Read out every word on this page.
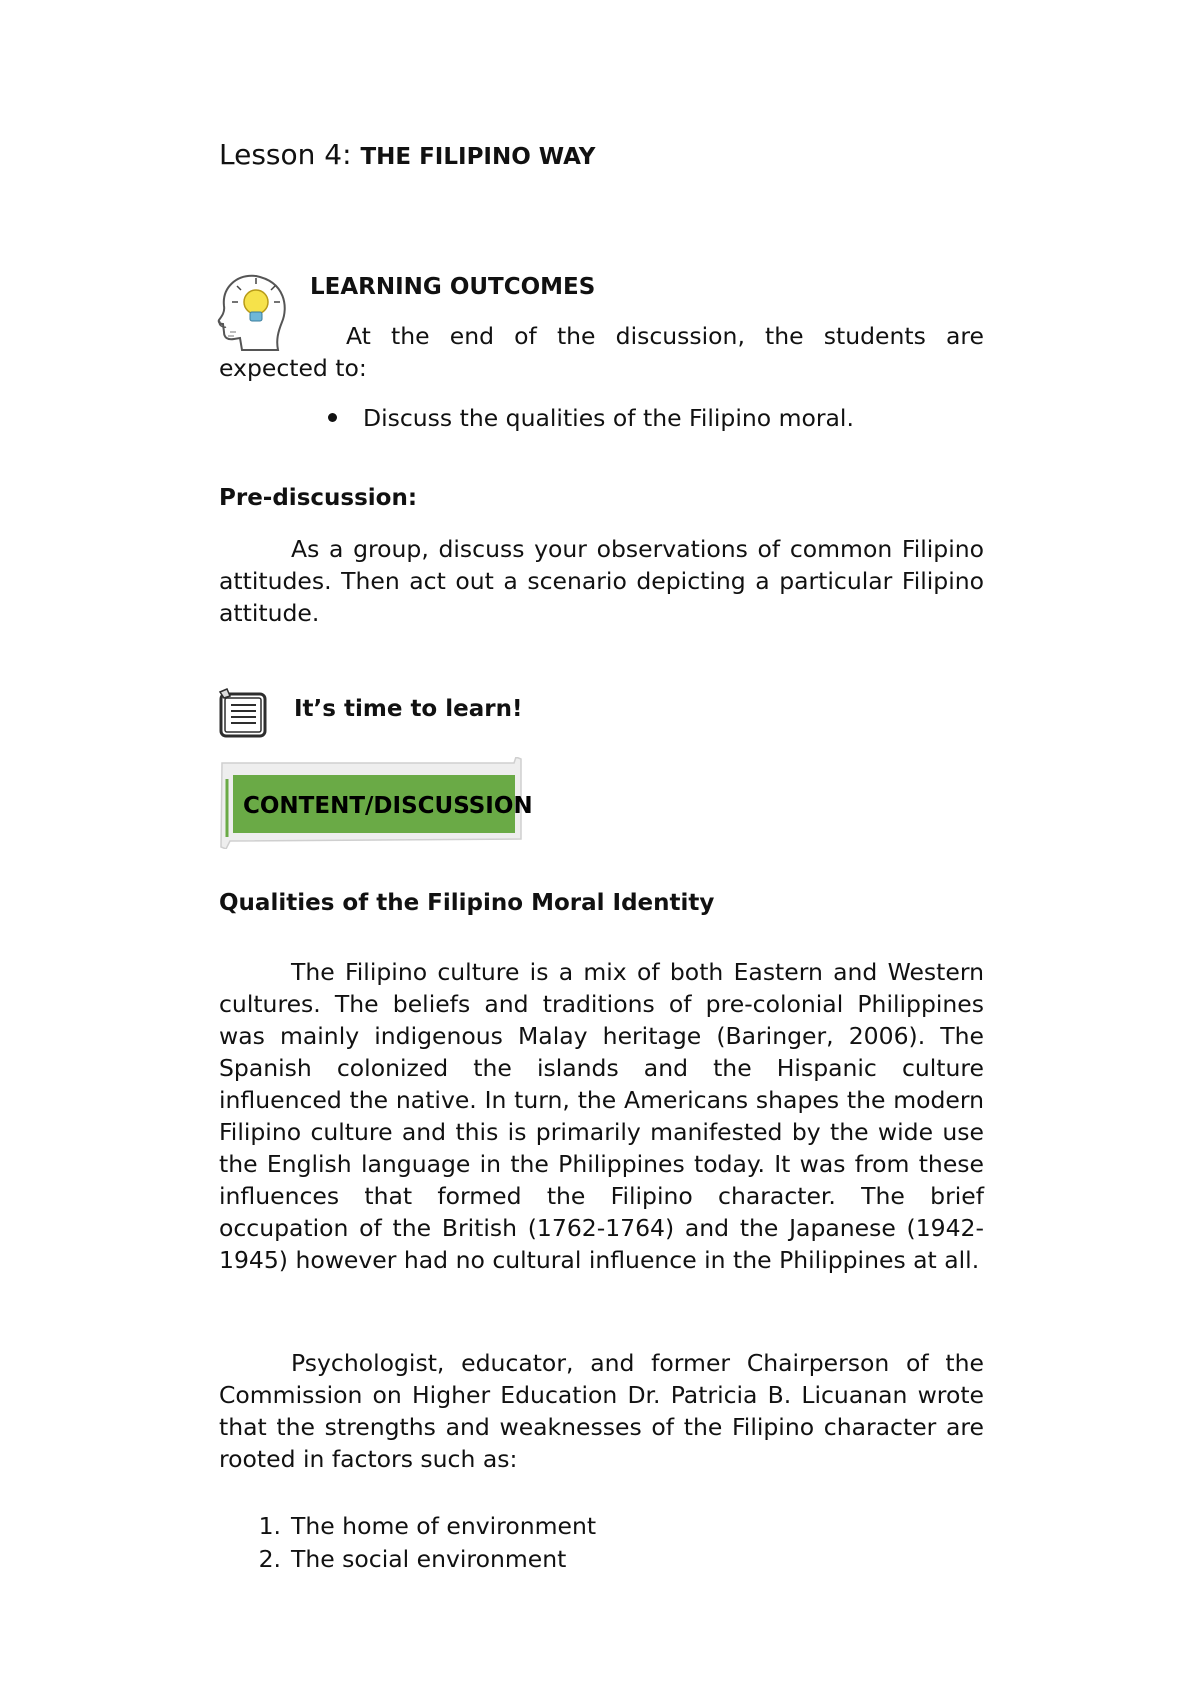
Lesson 4: THE FILIPINO WAY
LEARNING OUTCOMES
At the end of the discussion, the students are expected to:
Discuss the qualities of the Filipino moral.
Pre-discussion:
As a group, discuss your observations of common Filipino attitudes. Then act out a scenario depicting a particular Filipino attitude.
It’s time to learn!
CONTENT/DISCUSSION
Qualities of the Filipino Moral Identity
The Filipino culture is a mix of both Eastern and Western cultures. The beliefs and traditions of pre-colonial Philippines was mainly indigenous Malay heritage (Baringer, 2006). The Spanish colonized the islands and the Hispanic culture influenced the native. In turn, the Americans shapes the modern Filipino culture and this is primarily manifested by the wide use the English language in the Philippines today. It was from these influences that formed the Filipino character. The brief occupation of the British (1762-1764) and the Japanese (1942-1945) however had no cultural influence in the Philippines at all.
Psychologist, educator, and former Chairperson of the Commission on Higher Education Dr. Patricia B. Licuanan wrote that the strengths and weaknesses of the Filipino character are rooted in factors such as:
1. The home of environment
2. The social environment
